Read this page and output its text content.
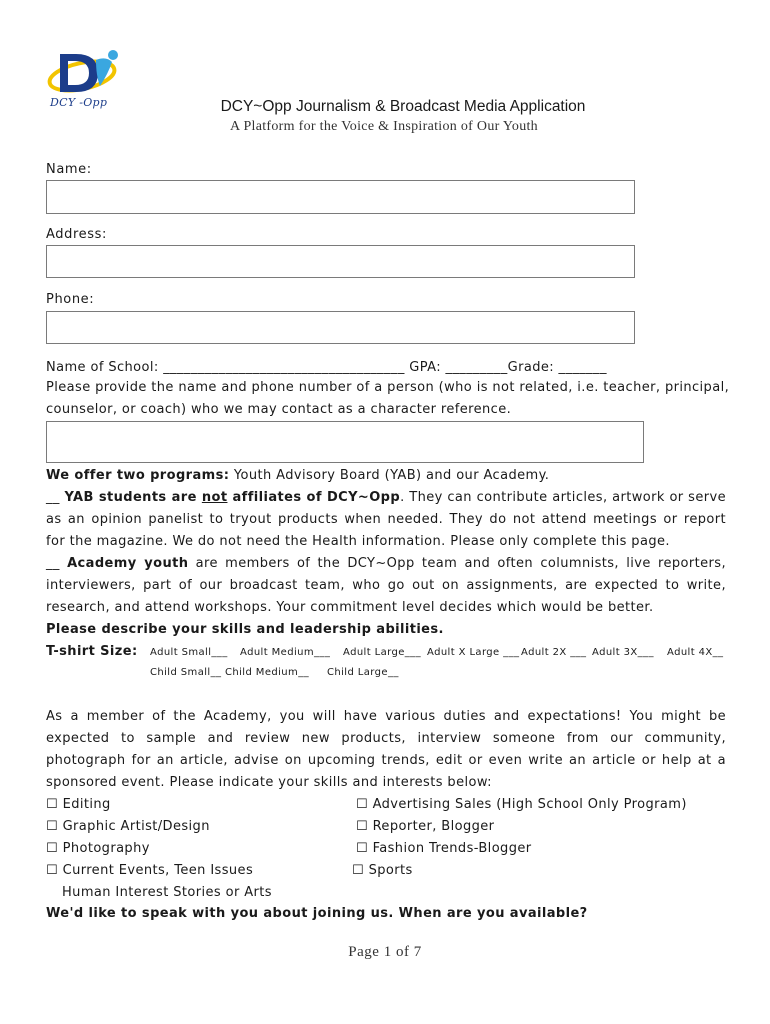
DCY -Opp	DCY~Opp Journalism & Broadcast Media Application
A Platform for the Voice & Inspiration of Our Youth
Name:
Address:
Phone:
Name of School: ___________________________________ GPA: _________Grade: _______
Please provide the name and phone number of a person (who is not related, i.e. teacher, principal,
counselor, or coach) who we may contact as a character reference.
We offer two programs: Youth Advisory Board (YAB) and our Academy.
__ YAB students are not affiliates of DCY~Opp. They can contribute articles, artwork or serve
as an opinion panelist to tryout products when needed. They do not attend meetings or report
for the magazine. We do not need the Health information. Please only complete this page.
__ Academy youth are members of the DCY~Opp team and often columnists, live reporters,
interviewers, part of our broadcast team, who go out on assignments, are expected to write,
research, and attend workshops. Your commitment level decides which would be better.
Please describe your skills and leadership abilities.
T-shirt Size:	Adult Small___ Adult Medium___ Adult Large___ Adult X Large ___ Adult 2X ___ Adult 3X___ Adult 4X__
Child Small__ Child Medium__ Child Large__
As a member of the Academy, you will have various duties and expectations! You might be
expected to sample and review new products, interview someone from our community,
photograph for an article, advise on upcoming trends, edit or even write an article or help at a
sponsored event. Please indicate your skills and interests below:
☐ Editing
☐ Graphic Artist/Design
☐ Photography
☐ Current Events, Teen Issues
☐ Advertising Sales (High School Only Program)
☐ Reporter, Blogger
☐ Fashion Trends-Blogger
☐ Sports
Human Interest Stories or Arts
We'd like to speak with you about joining us. When are you available?
Page 1 of 7
